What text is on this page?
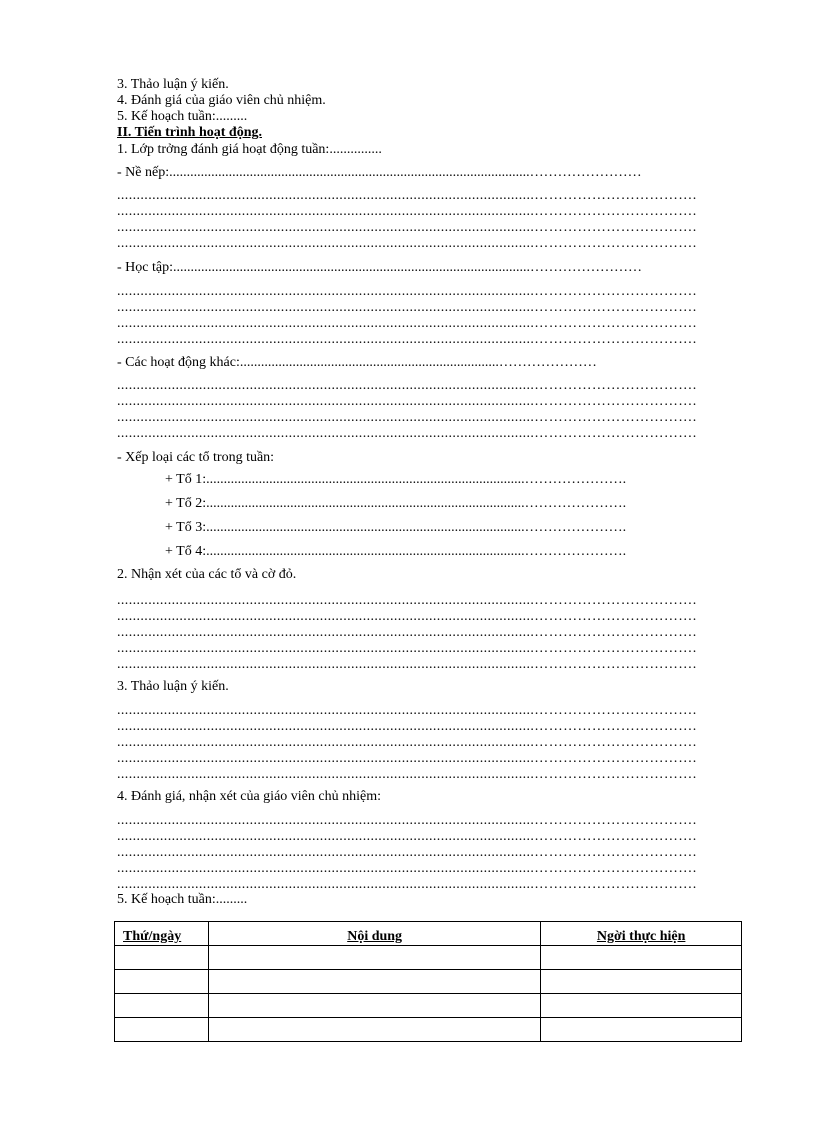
3. Thảo luận ý kiến.
4. Đánh giá của giáo viên chủ nhiệm.
5. Kế hoạch tuần:.........
II. Tiến trình hoạt động.
1. Lớp trởng đánh giá hoạt động tuần:...............
- Nề nếp:.......................................................................................................……………………
...........................................................................................................…………………………….
...........................................................................................................…………………………….
...........................................................................................................…………………………….
...........................................................................................................…………………………….
- Học tập:......................................................................................................……………………
...........................................................................................................…………………………….
...........................................................................................................…………………………….
...........................................................................................................…………………………….
...........................................................................................................…………………………….
- Các hoạt động khác:..........................................................................…………………
...........................................................................................................…………………………….
...........................................................................................................…………………………….
...........................................................................................................…………………………….
...........................................................................................................…………………………….
- Xếp loại các tổ trong tuần:
+ Tổ 1:...........................................................................................………………….
+ Tổ 2:...........................................................................................………………….
+ Tổ 3:...........................................................................................………………….
+ Tổ 4:...........................................................................................………………….
2. Nhận xét của các tổ và cờ đỏ.
...........................................................................................................…………………………….
...........................................................................................................…………………………….
...........................................................................................................…………………………….
...........................................................................................................…………………………….
...........................................................................................................…………………………….
3. Thảo luận ý kiến.
...........................................................................................................…………………………….
...........................................................................................................…………………………….
...........................................................................................................…………………………….
...........................................................................................................…………………………….
...........................................................................................................…………………………….
4. Đánh giá, nhận xét của giáo viên chủ nhiệm:
...........................................................................................................…………………………….
...........................................................................................................…………………………….
...........................................................................................................…………………………….
...........................................................................................................…………………………….
...........................................................................................................…………………………….
5. Kế hoạch tuần:.........
Thứ/ngày	Nội dung	Ngời thực hiện
